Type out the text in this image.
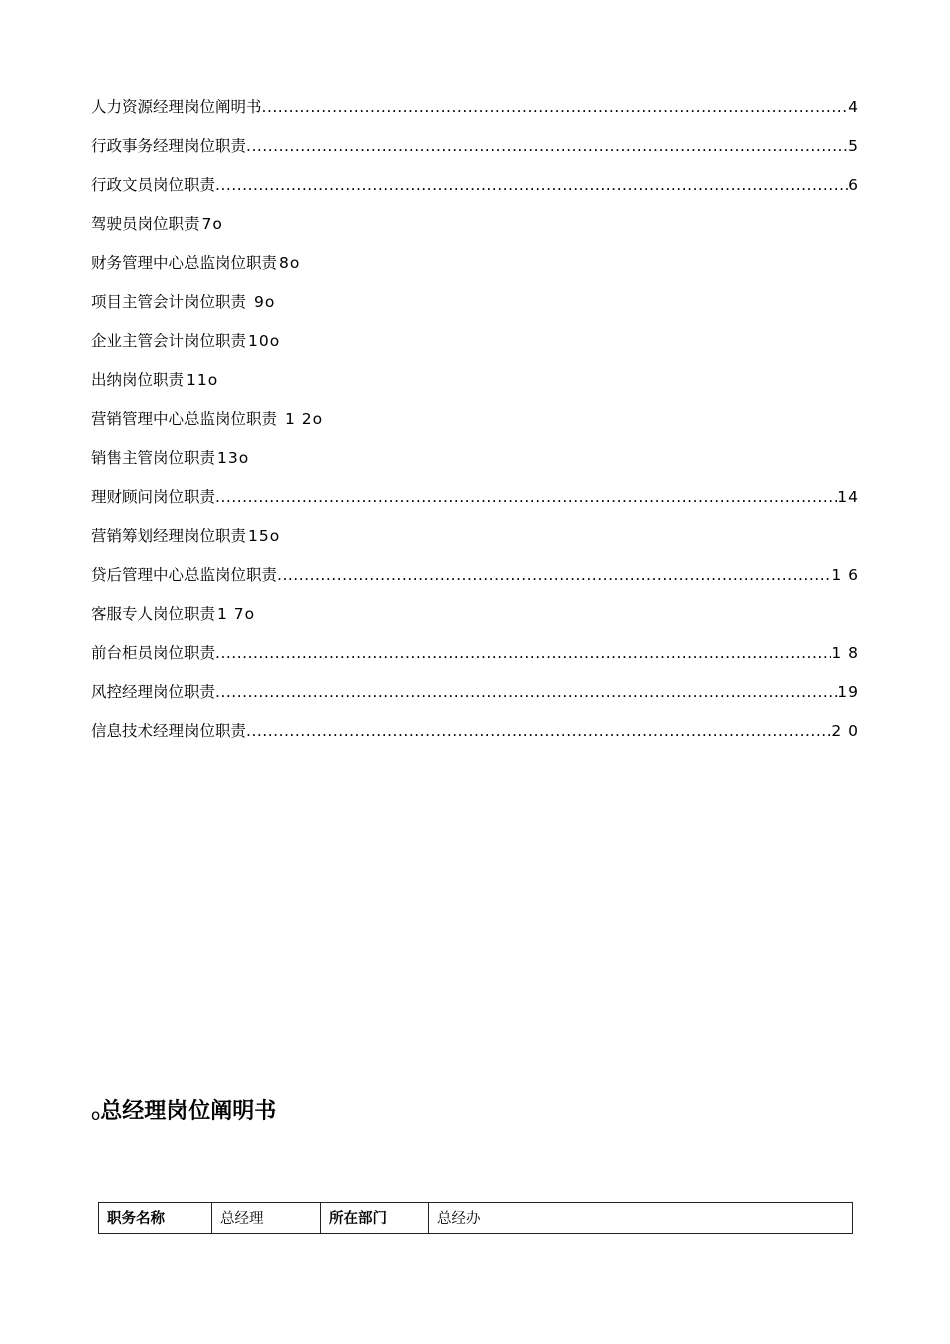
人力资源经理岗位阐明书 .....	4
行政事务经理岗位职责 .....	5
行政文员岗位职责 .....	6
驾驶员岗位职责 7o
财务管理中心总监岗位职责 8o
项目主管会计岗位职责 9o
企业主管会计岗位职责 10o
出纳岗位职责 11o
营销管理中心总监岗位职责 1 2o
销售主管岗位职责 13o
理财顾问岗位职责 .....	14
营销筹划经理岗位职责 15o
贷后管理中心总监岗位职责 .....	1 6
客服专人岗位职责 1 7o
前台柜员岗位职责 .....	1 8
风控经理岗位职责 .....	19
信息技术经理岗位职责 .....	2 0
o总经理岗位阐明书
职务名称	总经理	所在部门	总经办
